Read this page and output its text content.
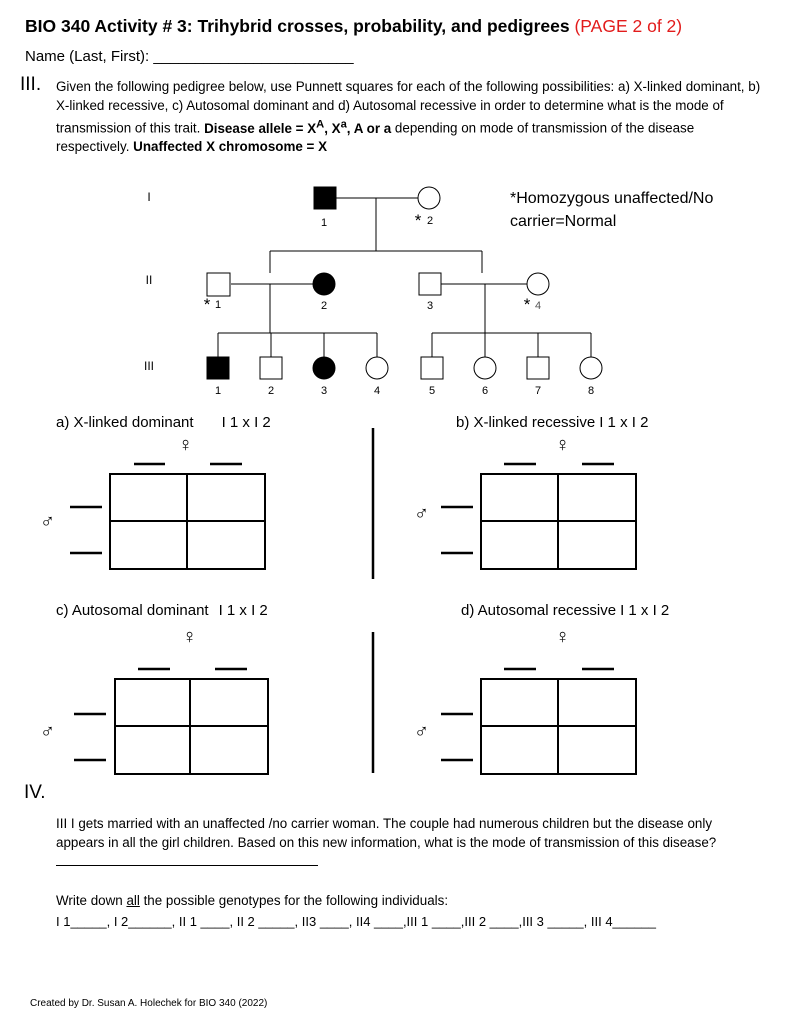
BIO 340 Activity # 3: Trihybrid crosses, probability, and pedigrees (PAGE 2 of 2)
Name (Last, First): ________________________
III. Given the following pedigree below, use Punnett squares for each of the following possibilities: a) X-linked dominant, b) X-linked recessive, c) Autosomal dominant and d) Autosomal recessive in order to determine what is the mode of transmission of this trait. Disease allele = $X^A$, $X^a$, A or a depending on mode of transmission of the disease respectively. Unaffected X chromosome = X
*Homozygous unaffected/No carrier=Normal
I
II
III
1	* 2
* 1	2	3	* 4
1	2	3	4	5	6	7	8
a) X-linked dominant I 1 x I 2	b) X-linked recessive I 1 x I 2
c) Autosomal dominant I 1 x I 2	d) Autosomal recessive I 1 x I 2
♀
♂
♀
♂
♀
♂
♀
♂
IV.
III I gets married with an unaffected /no carrier woman. The couple had numerous children but the disease only appears in all the girl children. Based on this new information, what is the mode of transmission of this disease?
Write down all the possible genotypes for the following individuals:
I 1_____, I 2______, II 1 ____, II 2 _____, II3 ____, II4 ____,III 1 ____,III 2 ____,III 3 _____, III 4______
Created by Dr. Susan A. Holechek for BIO 340 (2022)
